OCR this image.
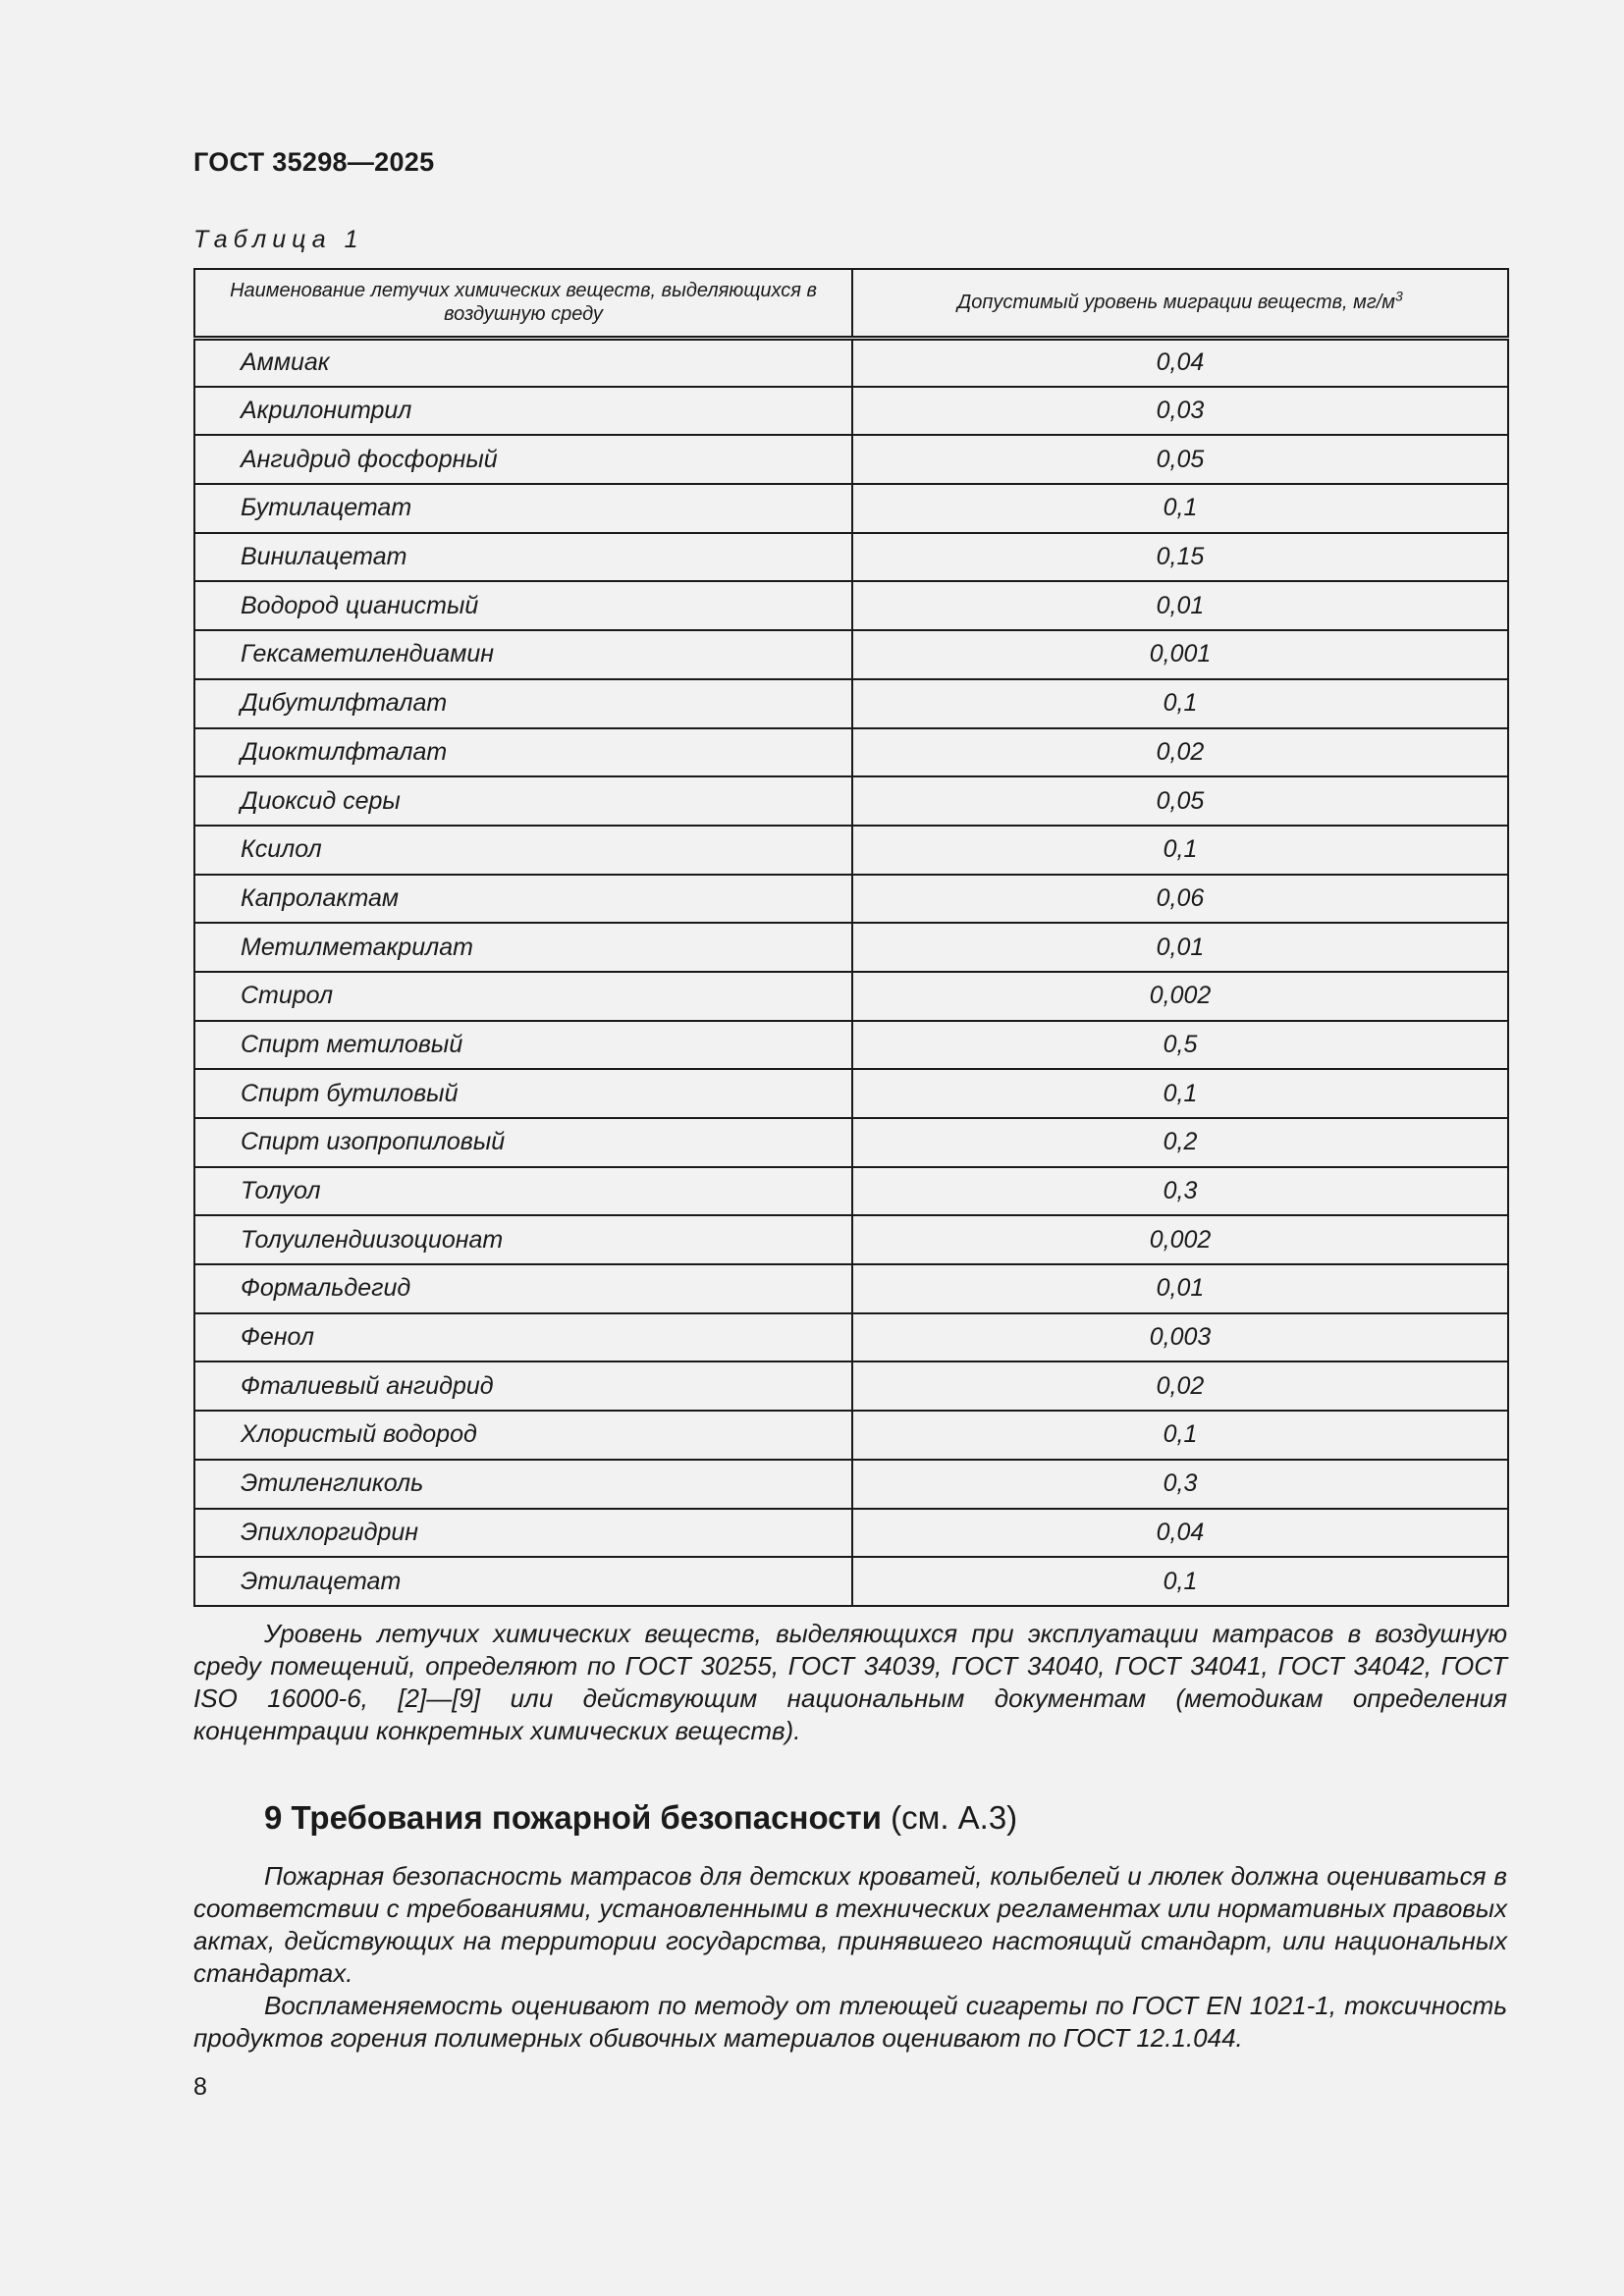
ГОСТ 35298—2025
Таблица 1
Наименование летучих химических веществ, выделяющихся в воздушную среду	Допустимый уровень миграции веществ, $мг/м^3$
Аммиак	0,04
Акрилонитрил	0,03
Ангидрид фосфорный	0,05
Бутилацетат	0,1
Винилацетат	0,15
Водород цианистый	0,01
Гексаметилендиамин	0,001
Дибутилфталат	0,1
Диоктилфталат	0,02
Диоксид серы	0,05
Ксилол	0,1
Капролактам	0,06
Метилметакрилат	0,01
Стирол	0,002
Спирт метиловый	0,5
Спирт бутиловый	0,1
Спирт изопропиловый	0,2
Толуол	0,3
Толуилендиизоционат	0,002
Формальдегид	0,01
Фенол	0,003
Фталиевый ангидрид	0,02
Хлористый водород	0,1
Этиленгликоль	0,3
Эпихлоргидрин	0,04
Этилацетат	0,1

Уровень летучих химических веществ, выделяющихся при эксплуатации матрасов в воздушную среду помещений, определяют по ГОСТ 30255, ГОСТ 34039, ГОСТ 34040, ГОСТ 34041, ГОСТ 34042, ГОСТ ISO 16000-6, [2]—[9] или действующим национальным документам (методикам определения концентрации конкретных химических веществ).

9 Требования пожарной безопасности (см. А.3)

Пожарная безопасность матрасов для детских кроватей, колыбелей и люлек должна оцениваться в соответствии с требованиями, установленными в технических регламентах или нормативных правовых актах, действующих на территории государства, принявшего настоящий стандарт, или национальных стандартах.

Воспламеняемость оценивают по методу от тлеющей сигареты по ГОСТ EN 1021-1, токсичность продуктов горения полимерных обивочных материалов оценивают по ГОСТ 12.1.044.

8
